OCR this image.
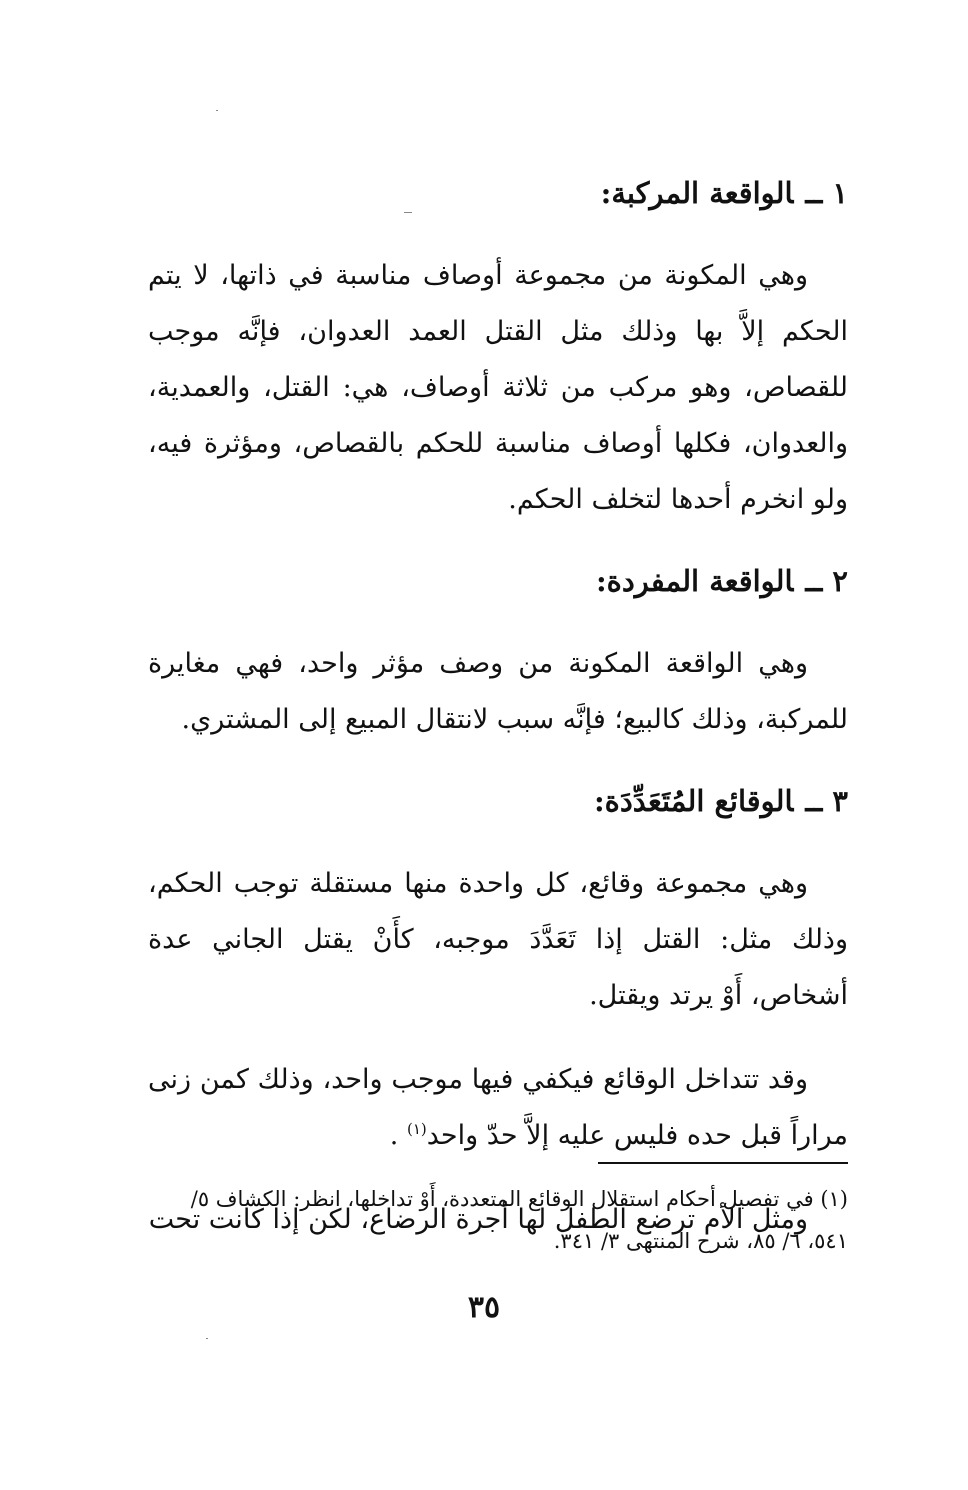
١ ــالواقعة المركبة:

وهي المكونة من مجموعة أوصاف مناسبة في ذاتها، لا يتم الحكم إلاَّ بها وذلك مثل القتل العمد العدوان، فإنَّه موجب للقصاص، وهو مركب من ثلاثة أوصاف، هي: القتل، والعمدية، والعدوان، فكلها أوصاف مناسبة للحكم بالقصاص، ومؤثرة فيه، ولو انخرم أحدها لتخلف الحكم.

٢ ــالواقعة المفردة:

وهي الواقعة المكونة من وصف مؤثر واحد، فهي مغايرة للمركبة، وذلك كالبيع؛ فإنَّه سبب لانتقال المبيع إلى المشتري.

٣ ــالوقائع المُتَعَدِّدَة:

وهي مجموعة وقائع، كل واحدة منها مستقلة توجب الحكم، وذلك مثل: القتل إذا تَعَدَّدَ موجبه، كأَنْ يقتل الجاني عدة أشخاص، أَوْ يرتد ويقتل.

وقد تتداخل الوقائع فيكفي فيها موجب واحد، وذلك كمن زنى مراراً قبل حده فليس عليه إلاَّ حدّ واحد$^{(١)}$ .

ومثل الأم ترضع الطفل لها أجرة الرضاع، لكن إذا كانت تحت

(١) في تفصيل أحكام استقلال الوقائع المتعددة، أَوْ تداخلها، انظر: الكشاف ٥/ ٥٤١، ٦/ ٨٥، شرح المنتهى ٣/ ٣٤١.
٣٥
